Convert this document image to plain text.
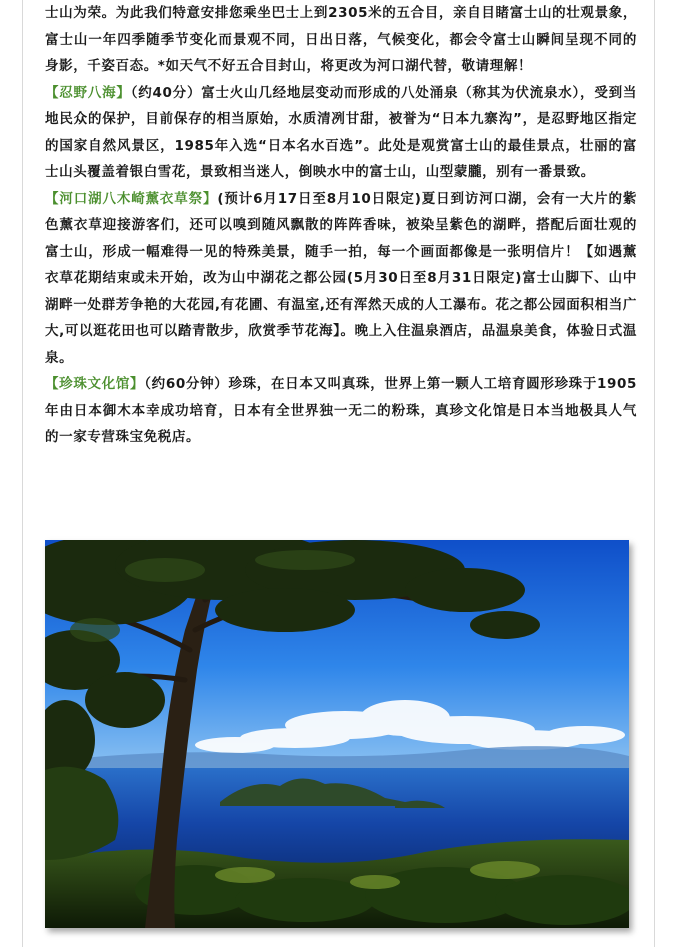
士山为荣。为此我们特意安排您乘坐巴士上到2305米的五合目，亲自目睹富士山的壮观景象，富士山一年四季随季节变化而景观不同，日出日落，气候变化，都会令富士山瞬间呈现不同的身影，千姿百态。*如天气不好五合目封山，将更改为河口湖代替，敬请理解！

【忍野八海】（约40分）富士火山几经地层变动而形成的八处涌泉（称其为伏流泉水），受到当地民众的保护，目前保存的相当原始，水质清冽甘甜，被誉为“日本九寨沟”，是忍野地区指定的国家自然风景区，1985年入选“日本名水百选”。此处是观赏富士山的最佳景点，壮丽的富士山头覆盖着银白雪花，景致相当迷人，倒映水中的富士山，山型蒙朧，别有一番景致。

【河口湖八木崎薰衣草祭】(预计6月17日至8月10日限定)夏日到访河口湖，会有一大片的紫色薰衣草迎接游客们，还可以嗅到随风飘散的阵阵香味，被染呈紫色的湖畔，搭配后面壮观的富士山，形成一幅难得一见的特殊美景，随手一拍，每一个画面都像是一张明信片！【如遇薰衣草花期结束或未开始，改为山中湖花之都公园(5月30日至8月31日限定)富士山脚下、山中湖畔一处群芳争艳的大花园,有花圃、有温室,还有浑然天成的人工瀑布。花之都公园面积相当广大,可以逛花田也可以踏青散步，欣赏季节花海】。晚上入住温泉酒店，品温泉美食，体验日式温泉。

【珍珠文化馆】（约60分钟）珍珠，在日本又叫真珠，世界上第一颗人工培育圆形珍珠于1905年由日本御木本幸成功培育，日本有全世界独一无二的粉珠，真珍文化馆是日本当地极具人气的一家专营珠宝免税店。
